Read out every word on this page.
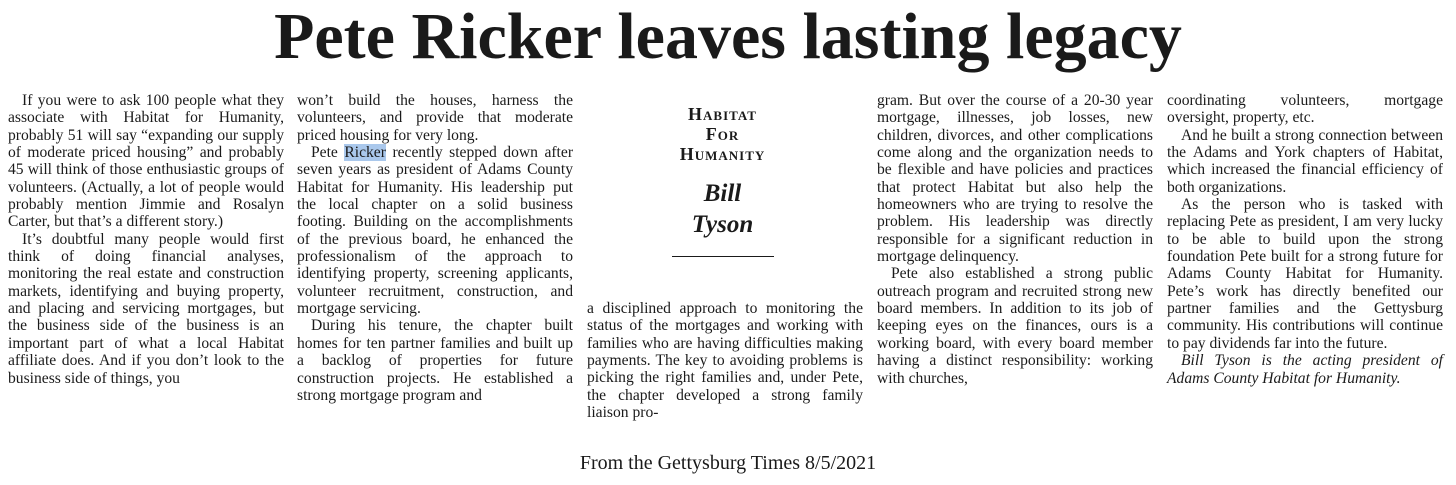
Pete Ricker leaves lasting legacy

If you were to ask 100 people what they associate with Habitat for Humanity, probably 51 will say “expanding our supply of moderate priced housing” and probably 45 will think of those enthusiastic groups of volunteers. (Actually, a lot of people would probably mention Jimmie and Rosalyn Carter, but that’s a different story.)

It’s doubtful many people would first think of doing financial analyses, monitoring the real estate and construction markets, identifying and buying property, and placing and servicing mortgages, but the business side of the business is an important part of what a local Habitat affiliate does. And if you don’t look to the business side of things, you

won’t build the houses, harness the volunteers, and provide that moderate priced housing for very long.

Pete Ricker recently stepped down after seven years as president of Adams County Habitat for Humanity. His leadership put the local chapter on a solid business footing. Building on the accomplishments of the previous board, he enhanced the professionalism of the approach to identifying property, screening applicants, volunteer recruitment, construction, and mortgage servicing.

During his tenure, the chapter built homes for ten partner families and built up a backlog of properties for future construction projects. He established a strong mortgage program and

Habitat
For
Humanity
Bill
Tyson

a disciplined approach to monitoring the status of the mortgages and working with families who are having difficulties making payments. The key to avoiding problems is picking the right families and, under Pete, the chapter developed a strong family liaison pro-

gram. But over the course of a 20-30 year mortgage, illnesses, job losses, new children, divorces, and other complications come along and the organization needs to be flexible and have policies and practices that protect Habitat but also help the homeowners who are trying to resolve the problem. His leadership was directly responsible for a significant reduction in mortgage delinquency.

Pete also established a strong public outreach program and recruited strong new board members. In addition to its job of keeping eyes on the finances, ours is a working board, with every board member having a distinct responsibility: working with churches,

coordinating volunteers, mortgage oversight, property, etc.

And he built a strong connection between the Adams and York chapters of Habitat, which increased the financial efficiency of both organizations.

As the person who is tasked with replacing Pete as president, I am very lucky to be able to build upon the strong foundation Pete built for a strong future for Adams County Habitat for Humanity. Pete’s work has directly benefited our partner families and the Gettysburg community. His contributions will continue to pay dividends far into the future.

Bill Tyson is the acting president of Adams County Habitat for Humanity.

From the Gettysburg Times 8/5/2021
